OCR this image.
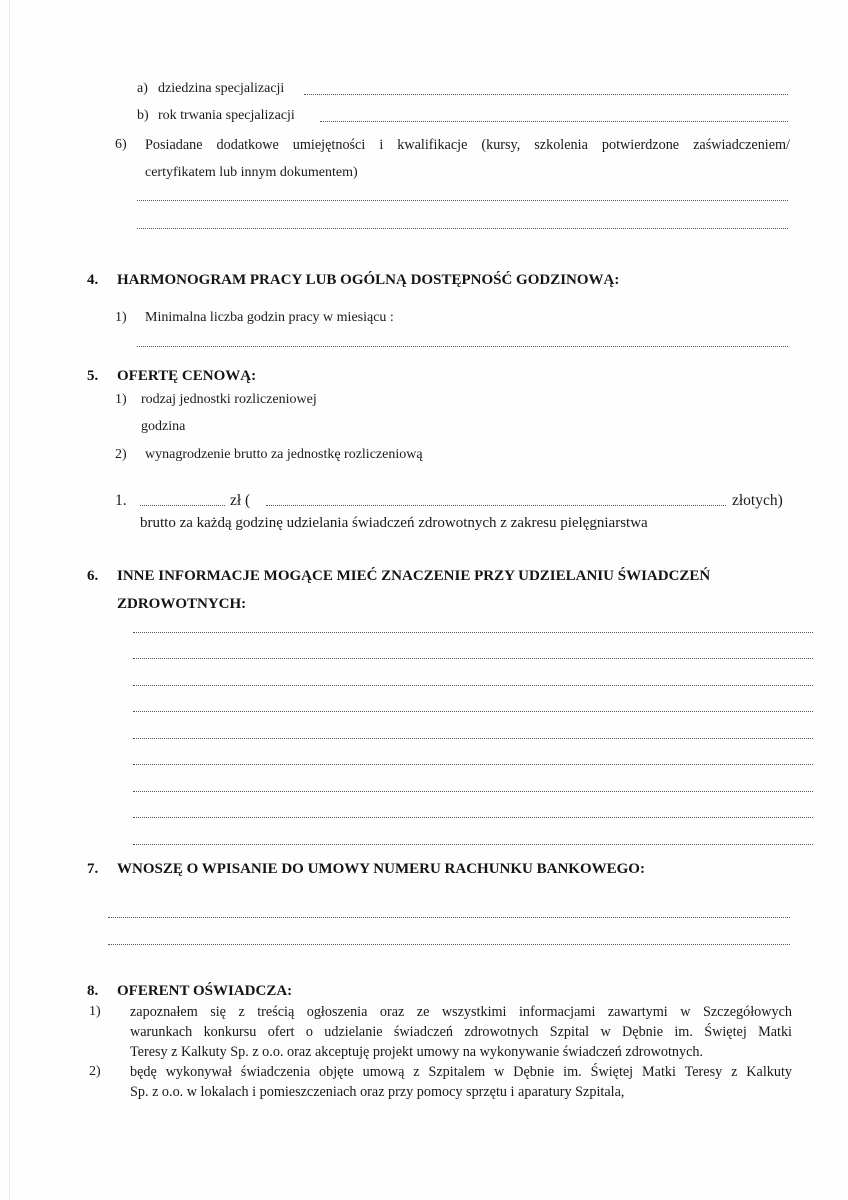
a) dziedzina specjalizacji
b) rok trwania specjalizacji
6) Posiadane dodatkowe umiejętności i kwalifikacje (kursy, szkolenia potwierdzone zaświadczeniem/
certyfikatem lub innym dokumentem)
4. HARMONOGRAM PRACY LUB OGÓLNĄ DOSTĘPNOŚĆ GODZINOWĄ:
1) Minimalna liczba godzin pracy w miesiącu :
5. OFERTĘ CENOWĄ:
1) rodzaj jednostki rozliczeniowej
godzina
2) wynagrodzenie brutto za jednostkę rozliczeniową
1.	zł (	złotych)
brutto za każdą godzinę udzielania świadczeń zdrowotnych z zakresu pielęgniarstwa
6. INNE INFORMACJE MOGĄCE MIEĆ ZNACZENIE PRZY UDZIELANIU ŚWIADCZEŃ
ZDROWOTNYCH:
7. WNOSZĘ O WPISANIE DO UMOWY NUMERU RACHUNKU BANKOWEGO:
8. OFERENT OŚWIADCZA:
1) zapoznałem się z treścią ogłoszenia oraz ze wszystkimi informacjami zawartymi w Szczegółowych
warunkach konkursu ofert o udzielanie świadczeń zdrowotnych Szpital w Dębnie im. Świętej Matki
Teresy z Kalkuty Sp. z o.o. oraz akceptuję projekt umowy na wykonywanie świadczeń zdrowotnych.
2) będę wykonywał świadczenia objęte umową z Szpitalem w Dębnie im. Świętej Matki Teresy z Kalkuty
Sp. z o.o. w lokalach i pomieszczeniach oraz przy pomocy sprzętu i aparatury Szpitala,
